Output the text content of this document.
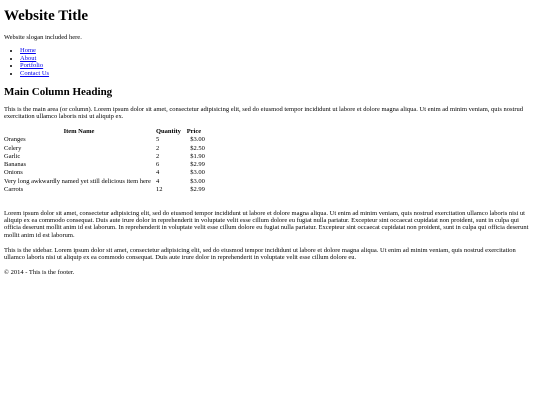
Website Title

Website slogan included here.

• Home
• About
• Portfolio
• Contact Us
Main Column Heading

This is the main area (or column). Lorem ipsum dolor sit amet, consectetur adipisicing elit, sed do eiusmod tempor incididunt ut labore et dolore magna aliqua. Ut enim ad minim veniam, quis nostrud exercitation ullamco laboris nisi ut aliquip ex.

Item Name	Quantity	Price
Oranges	5	$3.00
Celery	2	$2.50
Garlic	2	$1.90
Bananas	6	$2.99
Onions	4	$3.00
Very long awkwardly named yet still delicious item here	4	$3.00
Carrots	12	$2.99

Lorem ipsum dolor sit amet, consectetur adipisicing elit, sed do eiusmod tempor incididunt ut labore et dolore magna aliqua. Ut enim ad minim veniam, quis nostrud exercitation ullamco laboris nisi ut aliquip ex ea commodo consequat. Duis aute irure dolor in reprehenderit in voluptate velit esse cillum dolore eu fugiat nulla pariatur. Excepteur sint occaecat cupidatat non proident, sunt in culpa qui officia deserunt mollit anim id est laborum. In reprehenderit in voluptate velit esse cillum dolore eu fugiat nulla pariatur. Excepteur sint occaecat cupidatat non proident, sunt in culpa qui officia deserunt mollit anim id est laborum.

This is the sidebar. Lorem ipsum dolor sit amet, consectetur adipisicing elit, sed do eiusmod tempor incididunt ut labore et dolore magna aliqua. Ut enim ad minim veniam, quis nostrud exercitation ullamco laboris nisi ut aliquip ex ea commodo consequat. Duis aute irure dolor in reprehenderit in voluptate velit esse cillum dolore eu.

© 2014 - This is the footer.
